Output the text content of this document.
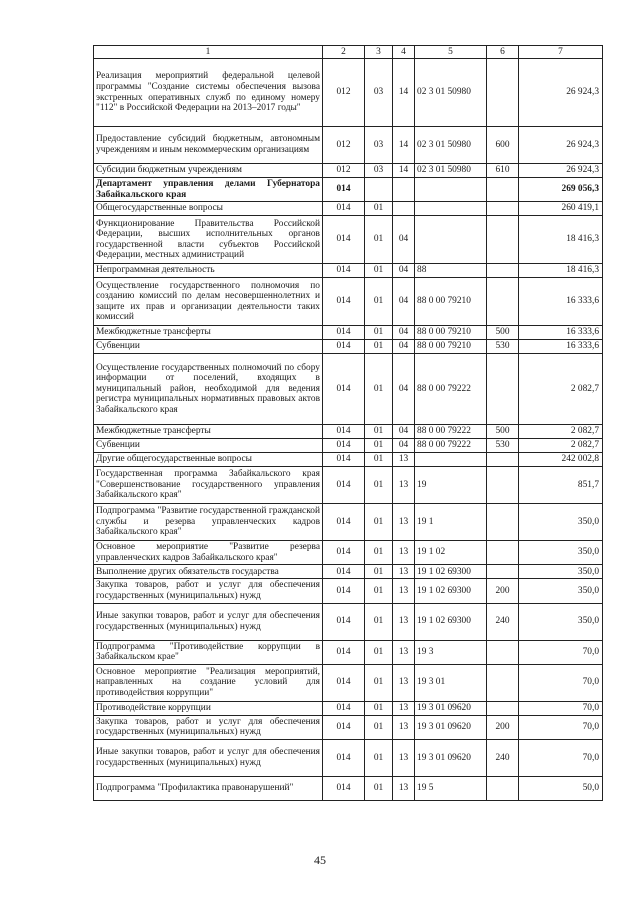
1	2	3	4	5	6	7
Реализация мероприятий федеральной целевой программы "Создание системы обеспечения вызова экстренных оперативных служб по единому номеру "112" в Российской Федерации на 2013–2017 годы"	012	03	14	02 3 01 50980		26 924,3
Предоставление субсидий бюджетным, автономным учреждениям и иным некоммерческим организациям	012	03	14	02 3 01 50980	600	26 924,3
Субсидии бюджетным учреждениям	012	03	14	02 3 01 50980	610	26 924,3
Департамент управления делами Губернатора Забайкальского края	014					269 056,3
Общегосударственные вопросы	014	01				260 419,1
Функционирование Правительства Российской Федерации, высших исполнительных органов государственной власти субъектов Российской Федерации, местных администраций	014	01	04			18 416,3
Непрограммная деятельность	014	01	04	88		18 416,3
Осуществление государственного полномочия по созданию комиссий по делам несовершеннолетних и защите их прав и организации деятельности таких комиссий	014	01	04	88 0 00 79210		16 333,6
Межбюджетные трансферты	014	01	04	88 0 00 79210	500	16 333,6
Субвенции	014	01	04	88 0 00 79210	530	16 333,6
Осуществление государственных полномочий по сбору информации от поселений, входящих в муниципальный район, необходимой для ведения регистра муниципальных нормативных правовых актов Забайкальского края	014	01	04	88 0 00 79222		2 082,7
Межбюджетные трансферты	014	01	04	88 0 00 79222	500	2 082,7
Субвенции	014	01	04	88 0 00 79222	530	2 082,7
Другие общегосударственные вопросы	014	01	13			242 002,8
Государственная программа Забайкальского края "Совершенствование государственного управления Забайкальского края"	014	01	13	19		851,7
Подпрограмма "Развитие государственной гражданской службы и резерва управленческих кадров Забайкальского края"	014	01	13	19 1		350,0
Основное мероприятие "Развитие резерва управленческих кадров Забайкальского края"	014	01	13	19 1 02		350,0
Выполнение других обязательств государства	014	01	13	19 1 02 69300		350,0
Закупка товаров, работ и услуг для обеспечения государственных (муниципальных) нужд	014	01	13	19 1 02 69300	200	350,0
Иные закупки товаров, работ и услуг для обеспечения государственных (муниципальных) нужд	014	01	13	19 1 02 69300	240	350,0
Подпрограмма "Противодействие коррупции в Забайкальском крае"	014	01	13	19 3		70,0
Основное мероприятие "Реализация мероприятий, направленных на создание условий для противодействия коррупции"	014	01	13	19 3 01		70,0
Противодействие коррупции	014	01	13	19 3 01 09620		70,0
Закупка товаров, работ и услуг для обеспечения государственных (муниципальных) нужд	014	01	13	19 3 01 09620	200	70,0
Иные закупки товаров, работ и услуг для обеспечения государственных (муниципальных) нужд	014	01	13	19 3 01 09620	240	70,0
Подпрограмма "Профилактика правонарушений"	014	01	13	19 5		50,0
45
